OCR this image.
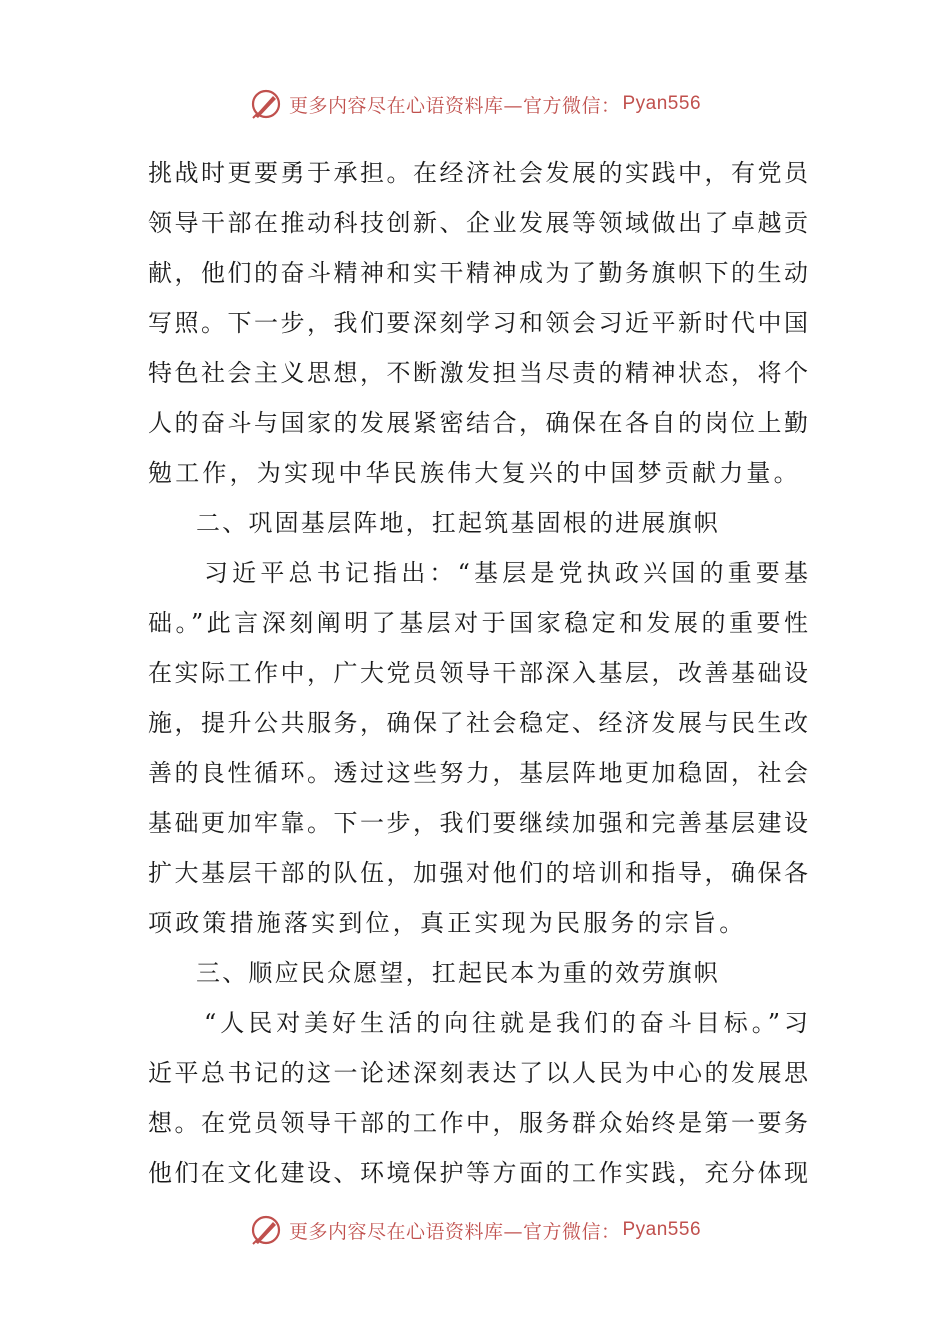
更多内容尽在心语资料库—官方微信： Pyan556
挑战时更要勇于承担。在经济社会发展的实践中，有党员
领导干部在推动科技创新、企业发展等领域做出了卓越贡
献，他们的奋斗精神和实干精神成为了勤务旗帜下的生动
写照。下一步，我们要深刻学习和领会习近平新时代中国
特色社会主义思想，不断激发担当尽责的精神状态，将个
人的奋斗与国家的发展紧密结合，确保在各自的岗位上勤
勉工作，为实现中华民族伟大复兴的中国梦贡献力量。
二、巩固基层阵地，扛起筑基固根的进展旗帜
习近平总书记指出：“基层是党执政兴国的重要基
础。”此言深刻阐明了基层对于国家稳定和发展的重要性
在实际工作中，广大党员领导干部深入基层，改善基础设
施，提升公共服务，确保了社会稳定、经济发展与民生改
善的良性循环。透过这些努力，基层阵地更加稳固，社会
基础更加牢靠。下一步，我们要继续加强和完善基层建设
扩大基层干部的队伍，加强对他们的培训和指导，确保各
项政策措施落实到位，真正实现为民服务的宗旨。
三、顺应民众愿望，扛起民本为重的效劳旗帜
“人民对美好生活的向往就是我们的奋斗目标。”习
近平总书记的这一论述深刻表达了以人民为中心的发展思
想。在党员领导干部的工作中，服务群众始终是第一要务
他们在文化建设、环境保护等方面的工作实践，充分体现
更多内容尽在心语资料库—官方微信： Pyan556
